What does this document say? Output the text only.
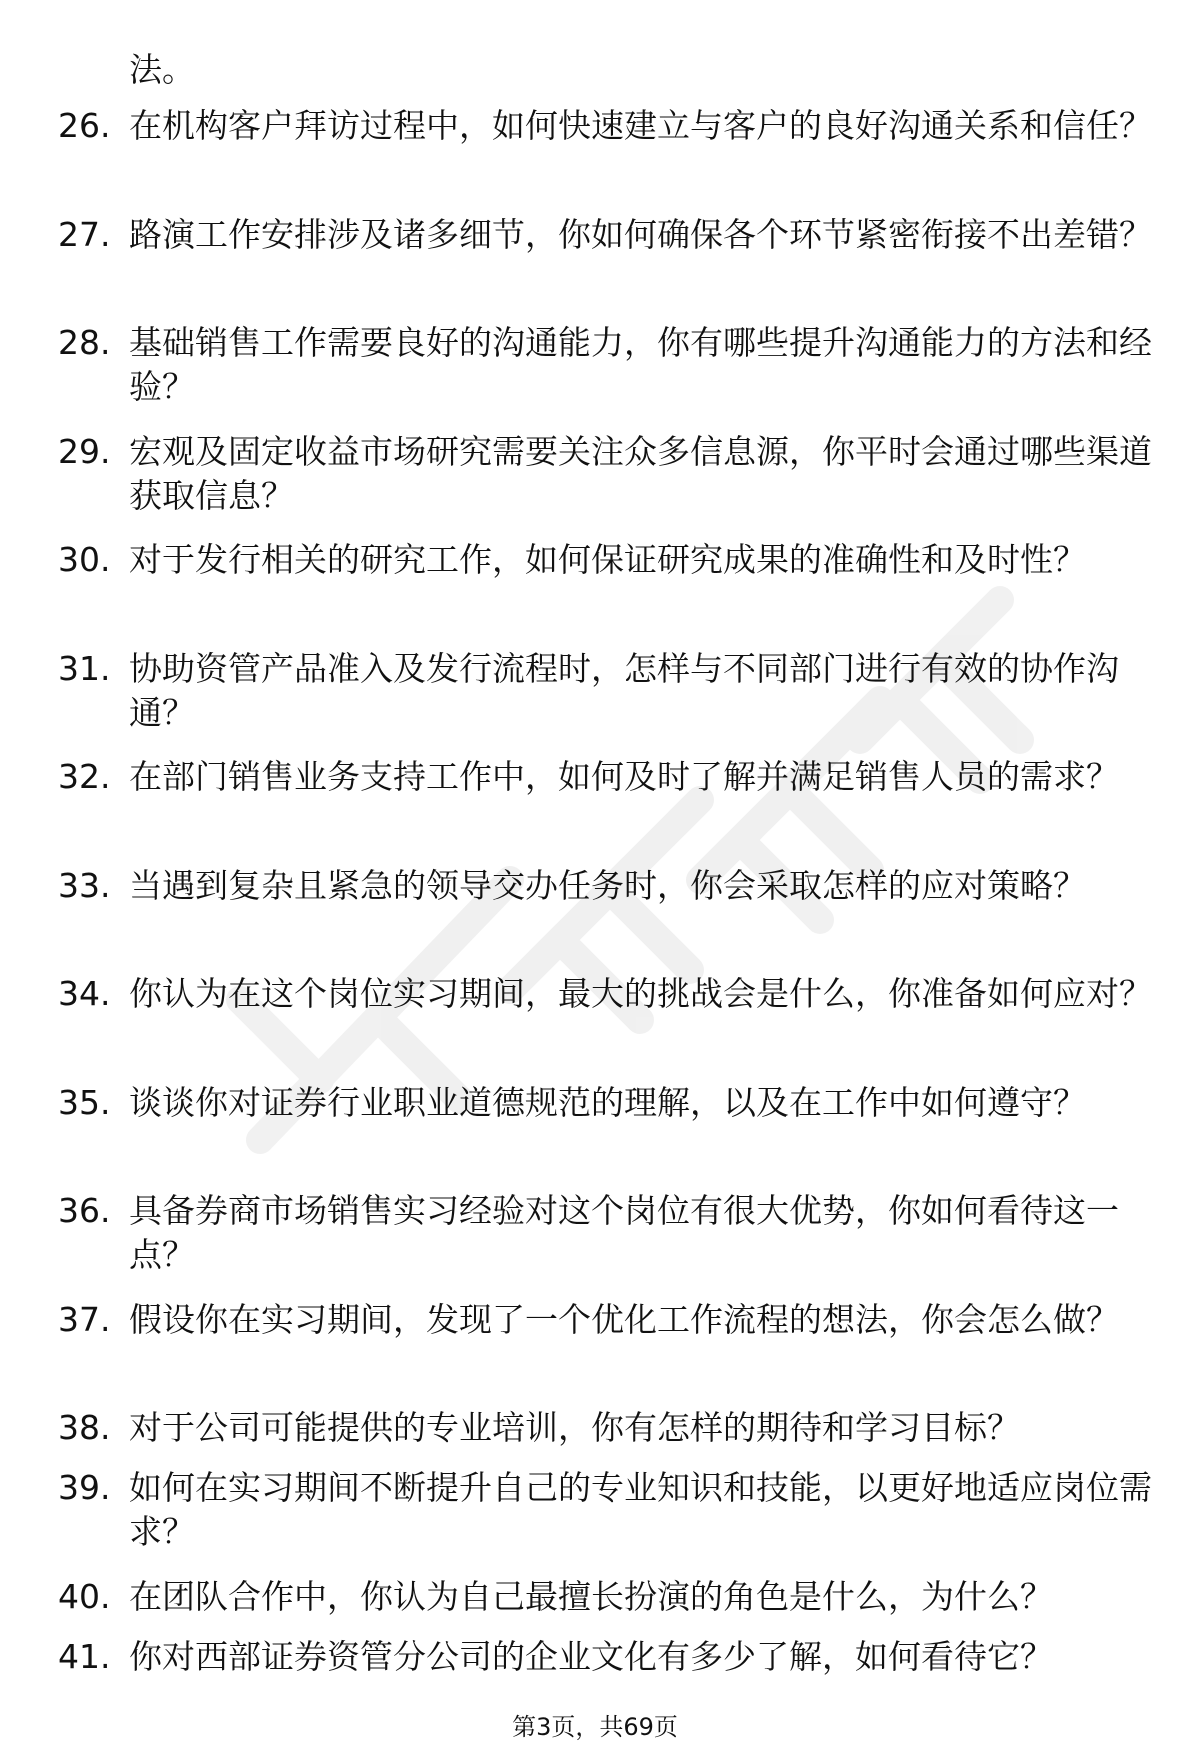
法。
26. 在机构客户拜访过程中，如何快速建立与客户的良好沟通关系和信任？
27. 路演工作安排涉及诸多细节，你如何确保各个环节紧密衔接不出差错？
28. 基础销售工作需要良好的沟通能力，你有哪些提升沟通能力的方法和经验？
29. 宏观及固定收益市场研究需要关注众多信息源，你平时会通过哪些渠道获取信息？
30. 对于发行相关的研究工作，如何保证研究成果的准确性和及时性？
31. 协助资管产品准入及发行流程时，怎样与不同部门进行有效的协作沟通？
32. 在部门销售业务支持工作中，如何及时了解并满足销售人员的需求？
33. 当遇到复杂且紧急的领导交办任务时，你会采取怎样的应对策略？
34. 你认为在这个岗位实习期间，最大的挑战会是什么，你准备如何应对？
35. 谈谈你对证券行业职业道德规范的理解，以及在工作中如何遵守？
36. 具备券商市场销售实习经验对这个岗位有很大优势，你如何看待这一点？
37. 假设你在实习期间，发现了一个优化工作流程的想法，你会怎么做？
38. 对于公司可能提供的专业培训，你有怎样的期待和学习目标？
39. 如何在实习期间不断提升自己的专业知识和技能，以更好地适应岗位需求？
40. 在团队合作中，你认为自己最擅长扮演的角色是什么，为什么？
41. 你对西部证券资管分公司的企业文化有多少了解，如何看待它？
第3页，共69页
